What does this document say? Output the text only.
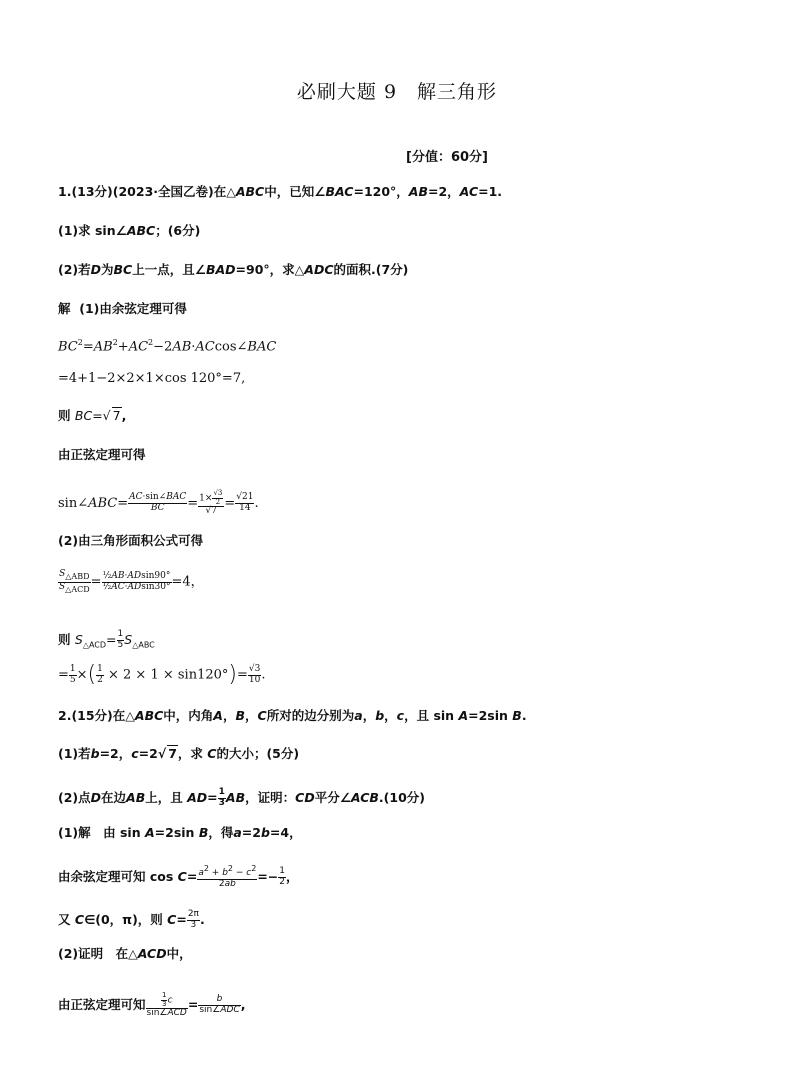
必刷大题 9　解三角形
[分值：60分]
1.(13分)(2023·全国乙卷)在△ABC中，已知∠BAC=120°，AB=2，AC=1.
(1)求 sin∠ABC；(6分)
(2)若D为BC上一点，且∠BAD=90°，求△ADC的面积.(7分)
解 (1)由余弦定理可得
$BC^2=AB^2+AC^2-2AB\cdot ACcos\angle BAC$
=4+1−2×2×1×cos 120°=7,
则 BC=√ 7,
由正弦定理可得
sin∠ABC= $\frac{\text{AC·sin∠BAC}}{BC} = \frac{1\times \frac{√3}{2}}{√7} = \frac{√21}{14}$ .
(2)由三角形面积公式可得
$\frac{S_{\triangle ABD}}{S_{\triangle ACD}} = \frac{\text{½AB·ADsin90°}}{\text{½AC·ADsin30°}} =4$，
则 $S_{\triangle ACD}= \frac{1}{5} S_{\triangle ABC}$
= $\frac{1}{5}$ ×( $\frac{1}{2} \times 2 \times 1 \times \sin 120^\circ)= \frac{√3}{10}$ .
2.(15分)在△ABC中，内角A，B，C所对的边分别为a，b，c，且 sin A=2sin B.
(1)若b=2，c=2√ 7，求 C的大小；(5分)
(2)点D在边AB上，且 $AD= \frac{1}{3}$ AB，证明：CD平分∠ACB.(10分)
(1)解　由 sin A=2sin B，得a=2b=4，
由余弦定理可知 $\cos C= \frac{a^2 + b^2 - c^2}{2ab} =- \frac{1}{2}$ ，
又 C∈(0，π)，则 $C= \frac{2\pi}{3}$ .
(2)证明　在△ACD中，
由正弦定理可知 $\frac{\frac{1}{3} c}{\text{sin∠ACD}} = \frac{b}{\text{sin∠ADC}}$ ,
